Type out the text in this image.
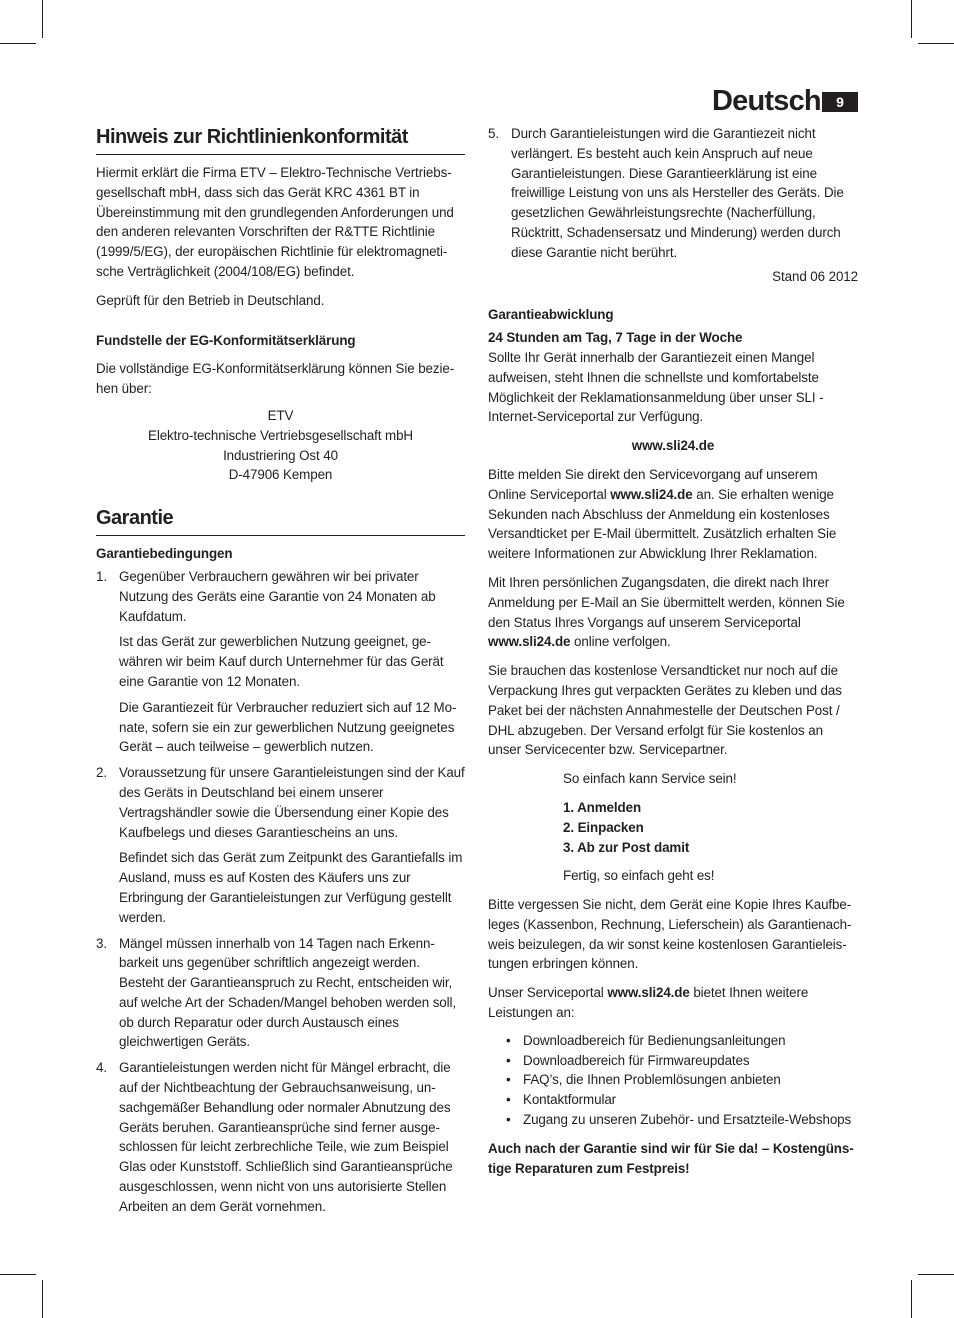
Deutsch	9
Hinweis zur Richtlinienkonformität

Hiermit erklärt die Firma ETV – Elektro-Technische Vertriebs-gesellschaft mbH, dass sich das Gerät KRC 4361 BT in Übereinstimmung mit den grundlegenden Anforderungen und den anderen relevanten Vorschriften der R&TTE Richtlinie (1999/5/EG), der europäischen Richtlinie für elektromagneti-sche Verträglichkeit (2004/108/EG) befindet.

Geprüft für den Betrieb in Deutschland.

Fundstelle der EG-Konformitätserklärung

Die vollständige EG-Konformitätserklärung können Sie bezie-hen über:

ETV
Elektro-technische Vertriebsgesellschaft mbH
Industriering Ost 40
D-47906 Kempen
Garantie

Garantiebedingungen

1. Gegenüber Verbrauchern gewähren wir bei privater Nutzung des Geräts eine Garantie von 24 Monaten ab Kaufdatum.

Ist das Gerät zur gewerblichen Nutzung geeignet, ge-währen wir beim Kauf durch Unternehmer für das Gerät eine Garantie von 12 Monaten.

Die Garantiezeit für Verbraucher reduziert sich auf 12 Mo-nate, sofern sie ein zur gewerblichen Nutzung geeignetes Gerät – auch teilweise – gewerblich nutzen.

2. Voraussetzung für unsere Garantieleistungen sind der Kauf des Geräts in Deutschland bei einem unserer Vertragshändler sowie die Übersendung einer Kopie des Kaufbelegs und dieses Garantiescheins an uns.

Befindet sich das Gerät zum Zeitpunkt des Garantiefalls im Ausland, muss es auf Kosten des Käufers uns zur Erbringung der Garantieleistungen zur Verfügung gestellt werden.

3. Mängel müssen innerhalb von 14 Tagen nach Erkenn-barkeit uns gegenüber schriftlich angezeigt werden. Besteht der Garantieanspruch zu Recht, entscheiden wir, auf welche Art der Schaden/Mangel behoben werden soll, ob durch Reparatur oder durch Austausch eines gleichwertigen Geräts.

4. Garantieleistungen werden nicht für Mängel erbracht, die auf der Nichtbeachtung der Gebrauchsanweisung, un-sachgemäßer Behandlung oder normaler Abnutzung des Geräts beruhen. Garantieansprüche sind ferner ausge-schlossen für leicht zerbrechliche Teile, wie zum Beispiel Glas oder Kunststoff. Schließlich sind Garantieansprüche ausgeschlossen, wenn nicht von uns autorisierte Stellen Arbeiten an dem Gerät vornehmen.

5. Durch Garantieleistungen wird die Garantiezeit nicht verlängert. Es besteht auch kein Anspruch auf neue Garantieleistungen. Diese Garantieerklärung ist eine freiwillige Leistung von uns als Hersteller des Geräts. Die gesetzlichen Gewährleistungsrechte (Nacherfüllung, Rücktritt, Schadensersatz und Minderung) werden durch diese Garantie nicht berührt.

Stand 06 2012

Garantieabwicklung

24 Stunden am Tag, 7 Tage in der Woche

Sollte Ihr Gerät innerhalb der Garantiezeit einen Mangel aufweisen, steht Ihnen die schnellste und komfortabelste Möglichkeit der Reklamationsanmeldung über unser SLI -Internet-Serviceportal zur Verfügung.

www.sli24.de

Bitte melden Sie direkt den Servicevorgang auf unserem Online Serviceportal www.sli24.de an. Sie erhalten wenige Sekunden nach Abschluss der Anmeldung ein kostenloses Versandticket per E-Mail übermittelt. Zusätzlich erhalten Sie weitere Informationen zur Abwicklung Ihrer Reklamation.

Mit Ihren persönlichen Zugangsdaten, die direkt nach Ihrer Anmeldung per E-Mail an Sie übermittelt werden, können Sie den Status Ihres Vorgangs auf unserem Serviceportal www.sli24.de online verfolgen.

Sie brauchen das kostenlose Versandticket nur noch auf die Verpackung Ihres gut verpackten Gerätes zu kleben und das Paket bei der nächsten Annahmestelle der Deutschen Post / DHL abzugeben. Der Versand erfolgt für Sie kostenlos an unser Servicecenter bzw. Servicepartner.

So einfach kann Service sein!

1. Anmelden
2. Einpacken
3. Ab zur Post damit

Fertig, so einfach geht es!

Bitte vergessen Sie nicht, dem Gerät eine Kopie Ihres Kaufbe-leges (Kassenbon, Rechnung, Lieferschein) als Garantienach-weis beizulegen, da wir sonst keine kostenlosen Garantieleis-tungen erbringen können.

Unser Serviceportal www.sli24.de bietet Ihnen weitere Leistungen an:

• Downloadbereich für Bedienungsanleitungen
• Downloadbereich für Firmwareupdates
• FAQ’s, die Ihnen Problemlösungen anbieten
• Kontaktformular
• Zugang zu unseren Zubehör- und Ersatzteile-Webshops

Auch nach der Garantie sind wir für Sie da! – Kostengüns-tige Reparaturen zum Festpreis!
